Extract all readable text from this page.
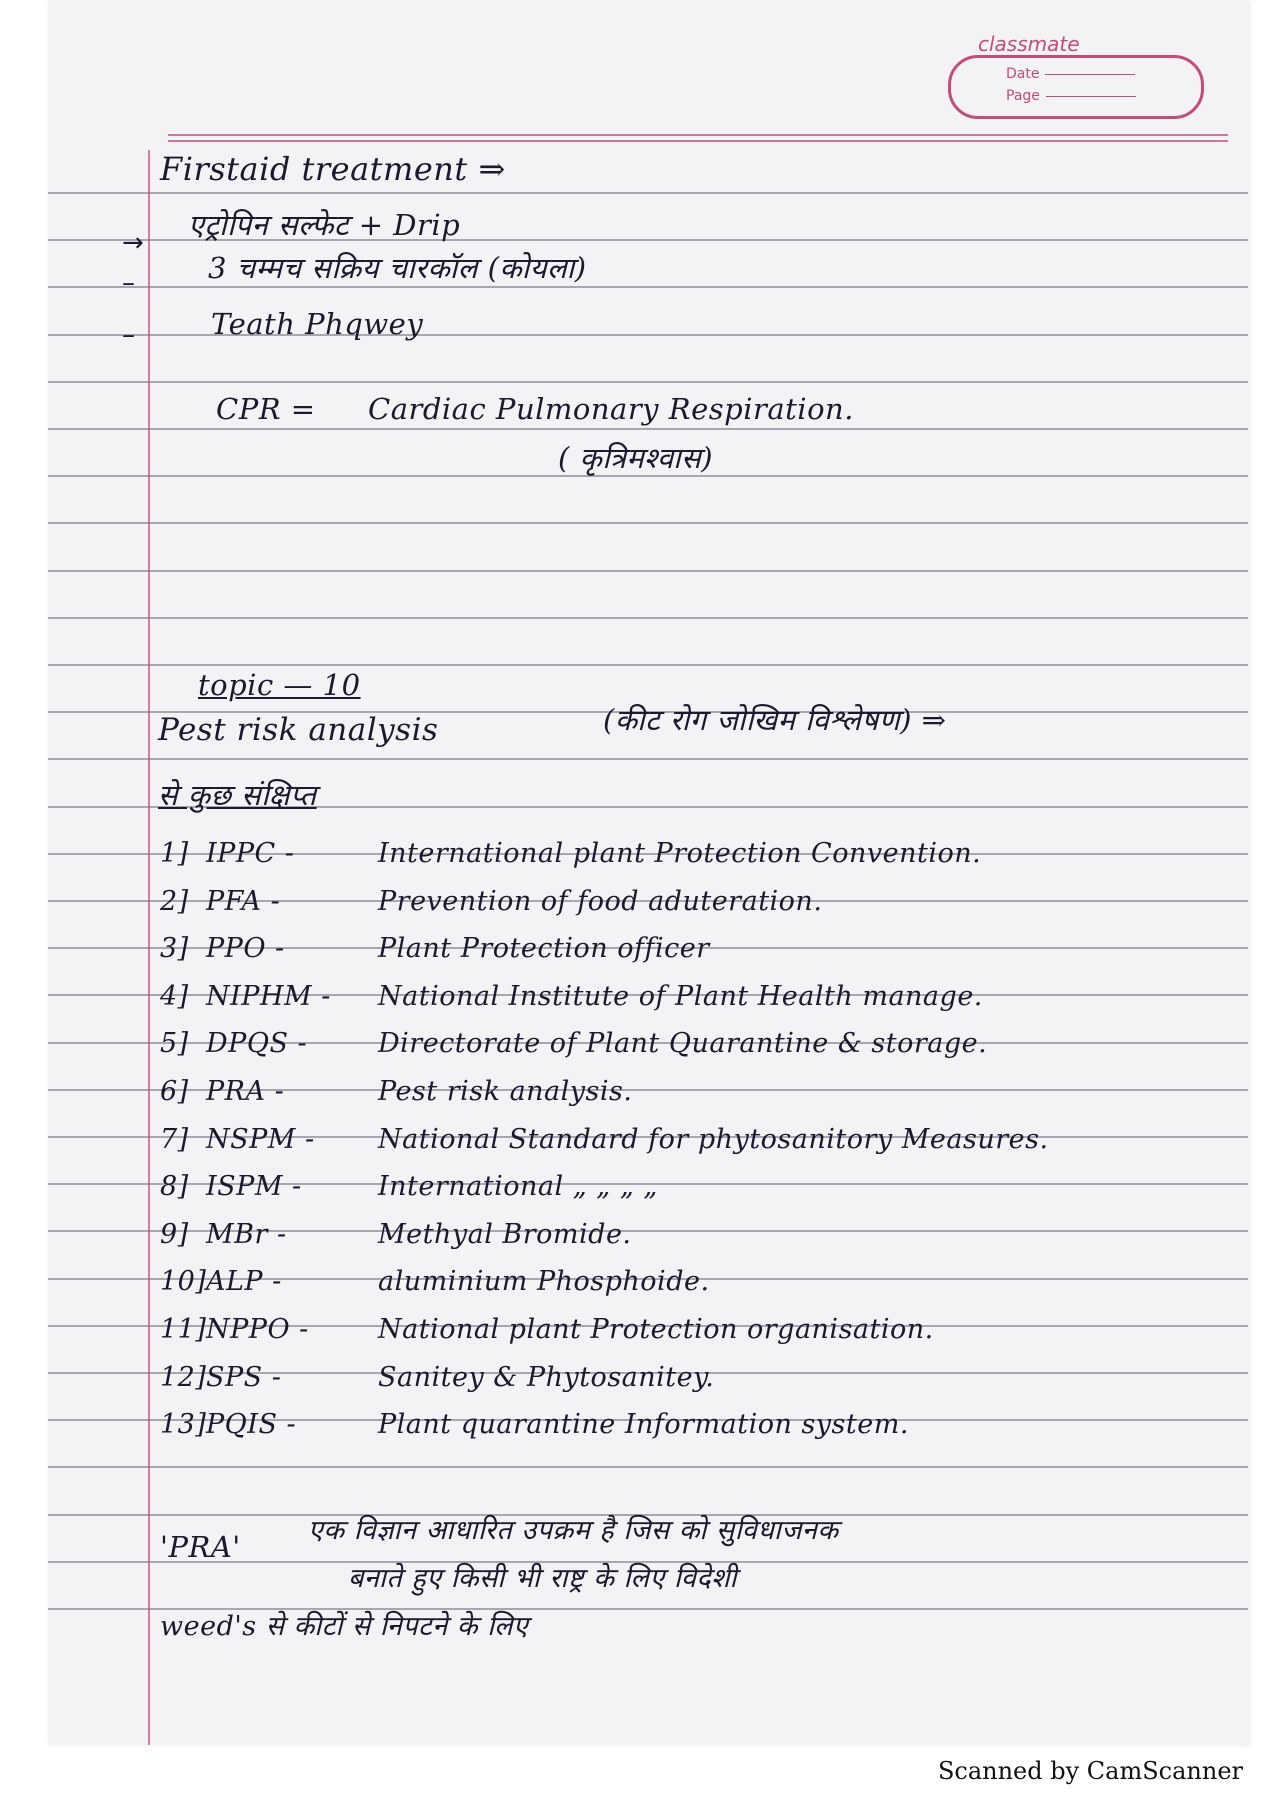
classmate
Date
Page
Firstaid treatment ⇒
→
एट्रोपिन सल्फेट + Drip
–	3 चम्मच सक्रिय चारकॉल (कोयला)
–	Teath Phqwey
CPR = Cardiac Pulmonary Respiration.
( कृत्रिमश्वास)
topic — 10
Pest risk analysis	(कीट रोग जोखिम विश्लेषण) ⇒
से कुछ संक्षिप्त
1] IPPC -	International plant Protection Convention.
2] PFA -	Prevention of food aduteration.
3] PPO -	Plant Protection officer
4] NIPHM - National Institute of Plant Health manage.
5] DPQS -	Directorate of Plant Quarantine & storage.
6] PRA -	Pest risk analysis.
7] NSPM - National Standard for phytosanitory Measures.
8] ISPM -	International „ „ „ „
9] MBr -	Methyal Bromide.
10] ALP -	aluminium Phosphoide.
11] NPPO -	National plant Protection organisation.
12] SPS -	Sanitey & Phytosanitey.
13] PQIS -	Plant quarantine Information system.
'PRA' एक विज्ञान आधारित उपक्रम है जिस को सुविधाजनक
बनाते हुए किसी भी राष्ट्र के लिए विदेशी
weed's से कीटों से निपटने के लिए
Scanned by CamScanner
